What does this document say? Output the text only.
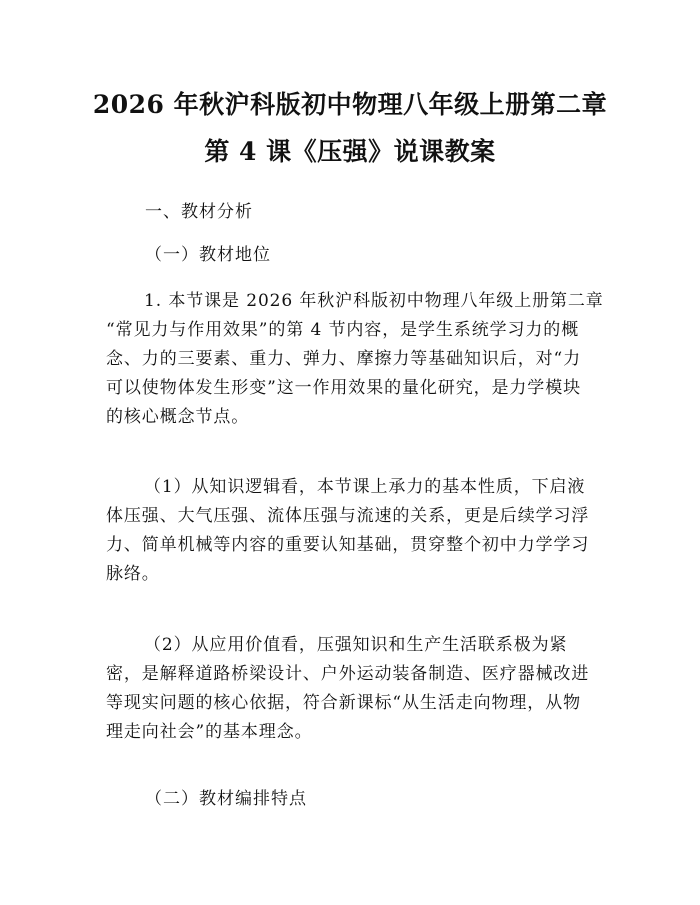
2026 年秋沪科版初中物理八年级上册第二章
第 4 课《压强》说课教案
一、教材分析
（一）教材地位
1. 本节课是 2026 年秋沪科版初中物理八年级上册第二章
“常见力与作用效果”的第 4 节内容，是学生系统学习力的概
念、力的三要素、重力、弹力、摩擦力等基础知识后，对“力
可以使物体发生形变”这一作用效果的量化研究，是力学模块
的核心概念节点。
（1）从知识逻辑看，本节课上承力的基本性质，下启液
体压强、大气压强、流体压强与流速的关系，更是后续学习浮
力、简单机械等内容的重要认知基础，贯穿整个初中力学学习
脉络。
（2）从应用价值看，压强知识和生产生活联系极为紧
密，是解释道路桥梁设计、户外运动装备制造、医疗器械改进
等现实问题的核心依据，符合新课标“从生活走向物理，从物
理走向社会”的基本理念。
（二）教材编排特点
